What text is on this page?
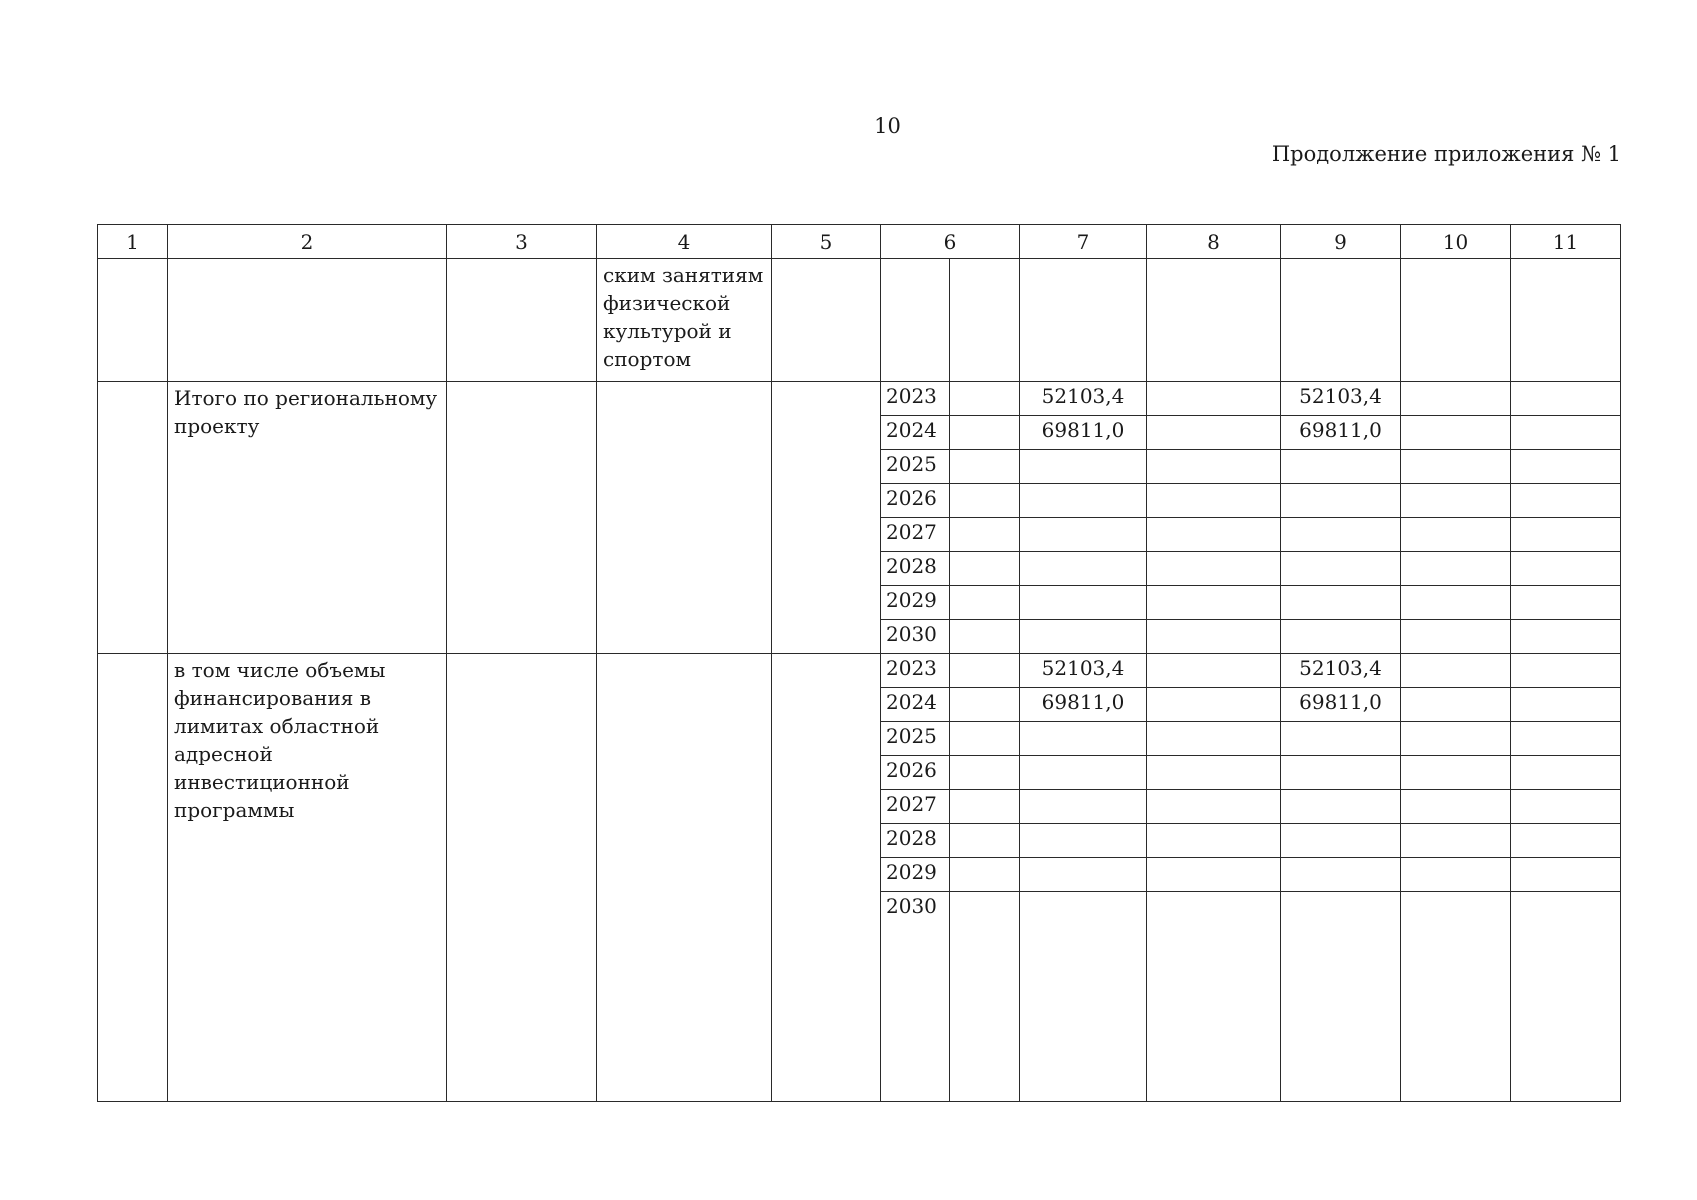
10
Продолжение приложения № 1
1	2	3	4	5	6		7	8	9	10	11
			ским занятиям физической культурой и спортом								
	Итого по региональному проекту				2023		52103,4		52103,4		
					2024		69811,0		69811,0		
					2025						
					2026						
					2027						
					2028						
					2029						
					2030						
	в том числе объемы финансирования в лимитах областной адресной инвестиционной программы				2023		52103,4		52103,4		
					2024		69811,0		69811,0		
					2025						
					2026						
					2027						
					2028						
					2029						
					2030						
